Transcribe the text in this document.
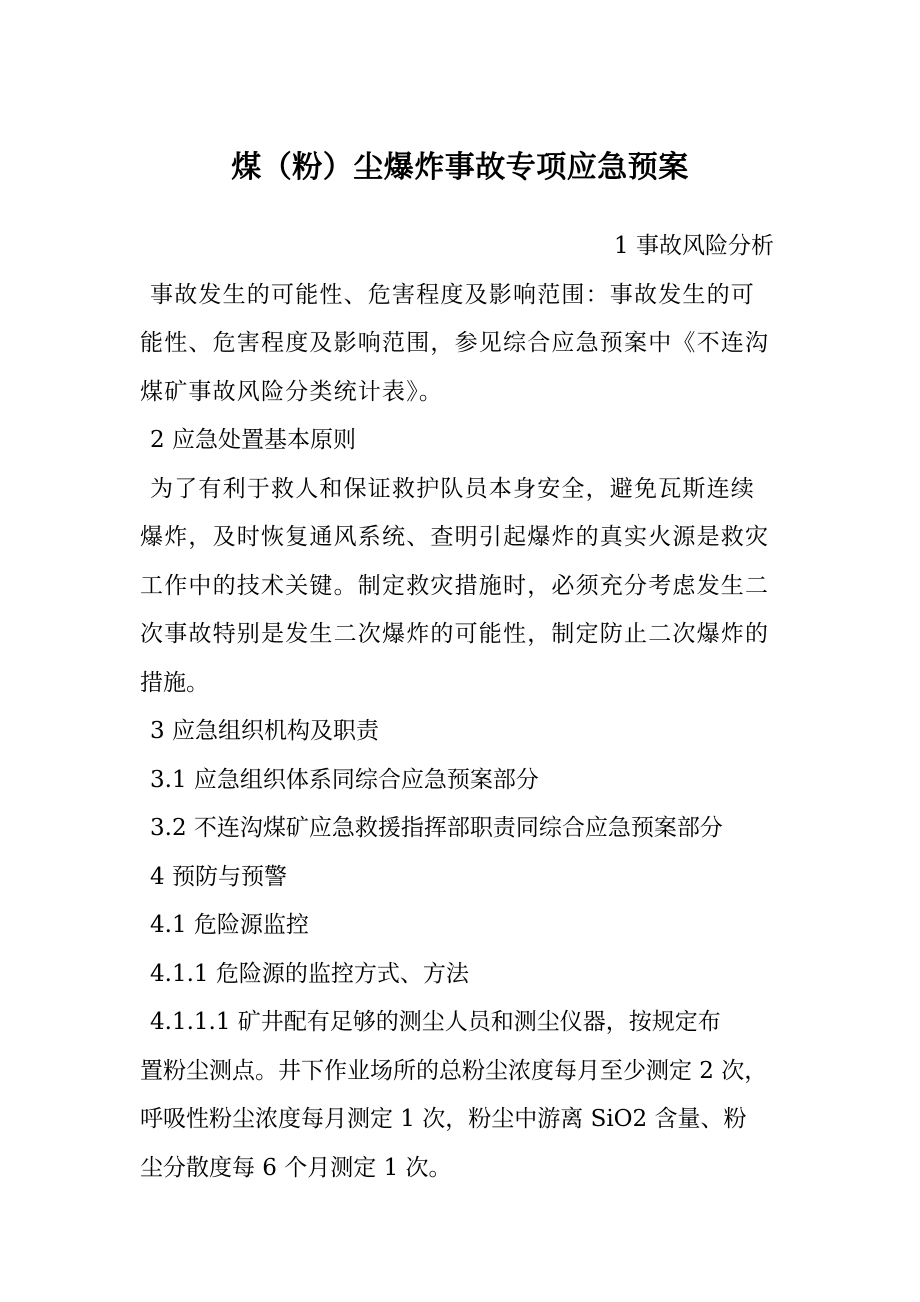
煤（粉）尘爆炸事故专项应急预案
1 事故风险分析
事故发生的可能性、危害程度及影响范围：事故发生的可
能性、危害程度及影响范围，参见综合应急预案中《不连沟
煤矿事故风险分类统计表》。
2 应急处置基本原则
为了有利于救人和保证救护队员本身安全，避免瓦斯连续
爆炸，及时恢复通风系统、查明引起爆炸的真实火源是救灾
工作中的技术关键。制定救灾措施时，必须充分考虑发生二
次事故特别是发生二次爆炸的可能性，制定防止二次爆炸的
措施。
3 应急组织机构及职责
3.1 应急组织体系同综合应急预案部分
3.2 不连沟煤矿应急救援指挥部职责同综合应急预案部分
4 预防与预警
4.1 危险源监控
4.1.1 危险源的监控方式、方法
4.1.1.1 矿井配有足够的测尘人员和测尘仪器，按规定布
置粉尘测点。井下作业场所的总粉尘浓度每月至少测定 2 次，
呼吸性粉尘浓度每月测定 1 次，粉尘中游离 SiO2 含量、粉
尘分散度每 6 个月测定 1 次。
